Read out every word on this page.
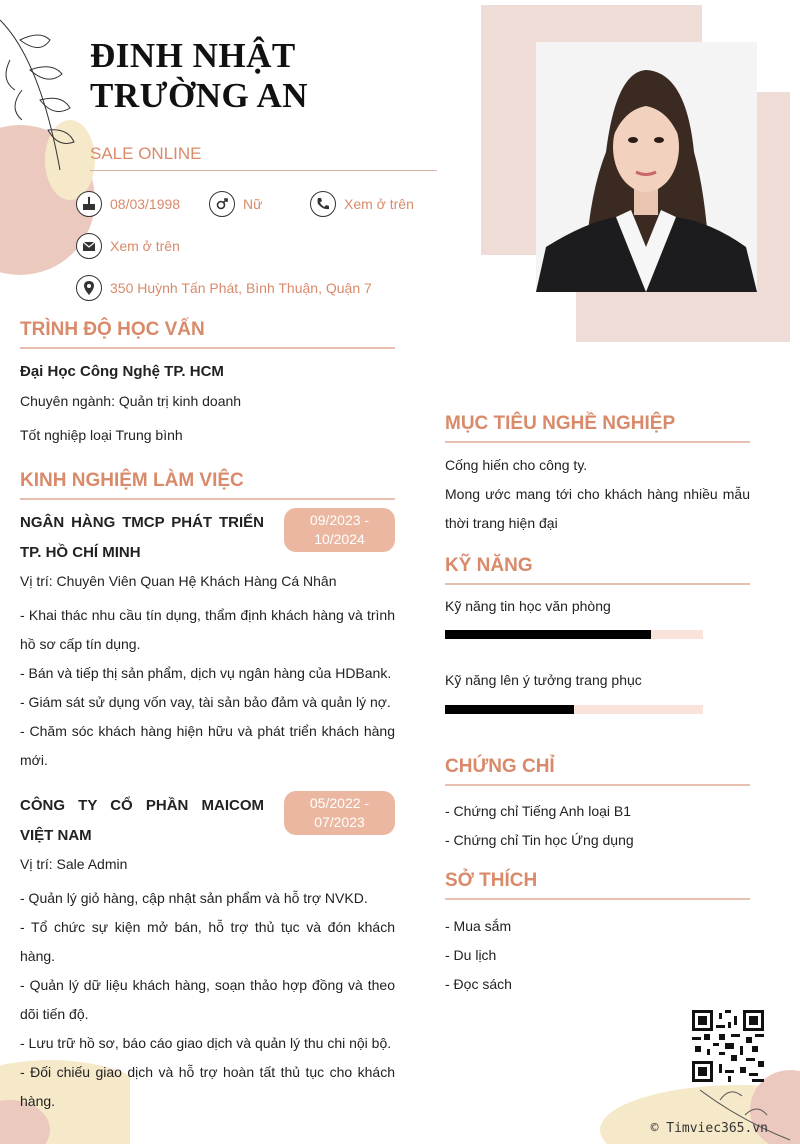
ĐINH NHẬT
TRƯỜNG AN
SALE ONLINE
08/03/1998	Nữ	Xem ở trên
Xem ở trên
350 Huỳnh Tấn Phát, Bình Thuận, Quận 7
TRÌNH ĐỘ HỌC VẤN
Đại Học Công Nghệ TP. HCM
Chuyên ngành: Quản trị kinh doanh
Tốt nghiệp loại Trung bình
KINH NGHIỆM LÀM VIỆC
NGÂN HÀNG TMCP PHÁT TRIỂN TP. HỒ CHÍ MINH
09/2023 -
10/2024
Vị trí: Chuyên Viên Quan Hệ Khách Hàng Cá Nhân
- Khai thác nhu cầu tín dụng, thẩm định khách hàng và trình hồ sơ cấp tín dụng.
- Bán và tiếp thị sản phẩm, dịch vụ ngân hàng của HDBank.
- Giám sát sử dụng vốn vay, tài sản bảo đảm và quản lý nợ.
- Chăm sóc khách hàng hiện hữu và phát triển khách hàng mới.
CÔNG TY CỔ PHẦN MAICOM VIỆT NAM
05/2022 -
07/2023
Vị trí: Sale Admin
- Quản lý giỏ hàng, cập nhật sản phẩm và hỗ trợ NVKD.
- Tổ chức sự kiện mở bán, hỗ trợ thủ tục và đón khách hàng.
- Quản lý dữ liệu khách hàng, soạn thảo hợp đồng và theo dõi tiến độ.
- Lưu trữ hồ sơ, báo cáo giao dịch và quản lý thu chi nội bộ.
- Đối chiếu giao dịch và hỗ trợ hoàn tất thủ tục cho khách hàng.
MỤC TIÊU NGHỀ NGHIỆP
Cống hiến cho công ty.
Mong ước mang tới cho khách hàng nhiều mẫu thời trang hiện đại
KỸ NĂNG
Kỹ năng tin học văn phòng
Kỹ năng lên ý tưởng trang phục
CHỨNG CHỈ
- Chứng chỉ Tiếng Anh loại B1
- Chứng chỉ Tin học Ứng dụng
SỞ THÍCH
- Mua sắm
- Du lịch
- Đọc sách
© Timviec365.vn
